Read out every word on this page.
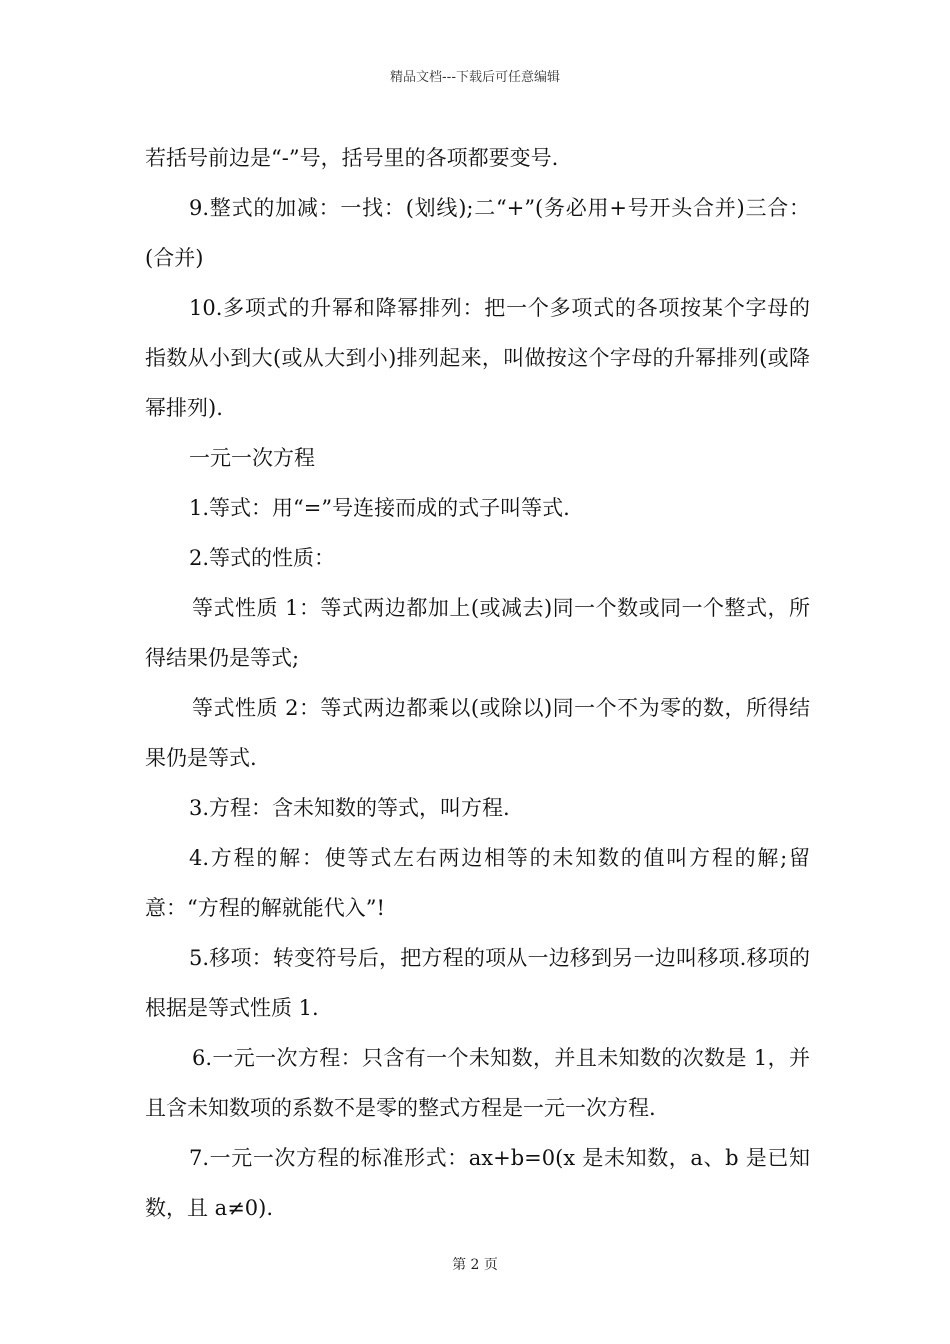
精品文档---下载后可任意编辑

若括号前边是“-”号，括号里的各项都要变号.

9.整式的加减：一找：(划线);二“+”(务必用+号开头合并)三合：(合并)

10.多项式的升幂和降幂排列：把一个多项式的各项按某个字母的指数从小到大(或从大到小)排列起来，叫做按这个字母的升幂排列(或降幂排列).

一元一次方程

1.等式：用“=”号连接而成的式子叫等式.

2.等式的性质：

等式性质 1：等式两边都加上(或减去)同一个数或同一个整式，所得结果仍是等式;

等式性质 2：等式两边都乘以(或除以)同一个不为零的数，所得结果仍是等式.

3.方程：含未知数的等式，叫方程.

4.方程的解：使等式左右两边相等的未知数的值叫方程的解;留意：“方程的解就能代入”!

5.移项：转变符号后，把方程的项从一边移到另一边叫移项.移项的根据是等式性质 1.

6.一元一次方程：只含有一个未知数，并且未知数的次数是 1，并且含未知数项的系数不是零的整式方程是一元一次方程.

7.一元一次方程的标准形式：ax+b=0(x 是未知数，a、b 是已知数，且 a≠0).

第 2 页
